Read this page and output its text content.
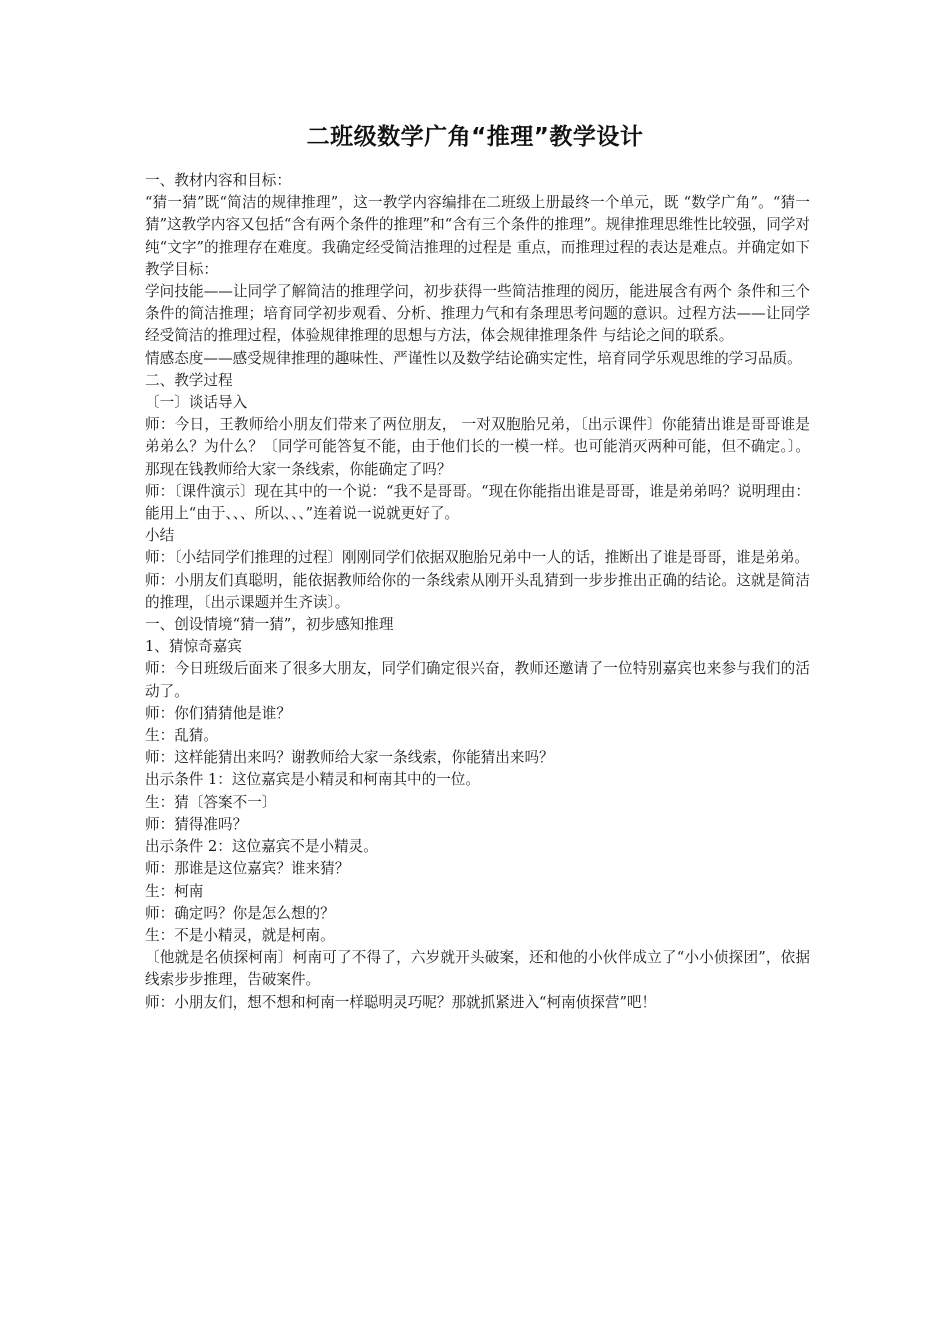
二班级数学广角“推理”教学设计

一、教材内容和目标：

“猜一猜”既“简洁的规律推理”，这一教学内容编排在二班级上册最终一个单元，既 “数学广角”。“猜一猜”这教学内容又包括“含有两个条件的推理”和“含有三个条件的推理”。规律推理思维性比较强，同学对纯“文字”的推理存在难度。我确定经受简洁推理的过程是 重点，而推理过程的表达是难点。并确定如下教学目标：

学问技能——让同学了解简洁的推理学问，初步获得一些简洁推理的阅历，能进展含有两个 条件和三个条件的简洁推理；培育同学初步观看、分析、推理力气和有条理思考问题的意识。过程方法——让同学经受简洁的推理过程，体验规律推理的思想与方法，体会规律推理条件 与结论之间的联系。

情感态度——感受规律推理的趣味性、严谨性以及数学结论确实定性，培育同学乐观思维的学习品质。

二、教学过程

〔一〕谈话导入

师：今日，王教师给小朋友们带来了两位朋友， 一对双胞胎兄弟，〔出示课件〕你能猜出谁是哥哥谁是弟弟么？为什么？〔同学可能答复不能，由于他们长的一模一样。也可能消灭两种可能，但不确定。〕。那现在钱教师给大家一条线索，你能确定了吗？

师：〔课件演示〕现在其中的一个说：“我不是哥哥。“现在你能指出谁是哥哥，谁是弟弟吗？说明理由：能用上“由于、、、所以、、、”连着说一说就更好了。

小结

师：〔小结同学们推理的过程〕刚刚同学们依据双胞胎兄弟中一人的话，推断出了谁是哥哥，谁是弟弟。

师：小朋友们真聪明，能依据教师给你的一条线索从刚开头乱猜到一步步推出正确的结论。这就是简洁的推理，〔出示课题并生齐读〕。

一、创设情境“猜一猜”，初步感知推理

1、猜惊奇嘉宾

师：今日班级后面来了很多大朋友，同学们确定很兴奋，教师还邀请了一位特别嘉宾也来参与我们的活动了。

师：你们猜猜他是谁？

生：乱猜。

师：这样能猜出来吗？谢教师给大家一条线索，你能猜出来吗？

出示条件 1：这位嘉宾是小精灵和柯南其中的一位。

生：猜〔答案不一〕

师：猜得准吗？

出示条件 2：这位嘉宾不是小精灵。

师：那谁是这位嘉宾？谁来猜？

生：柯南

师：确定吗？你是怎么想的？

生：不是小精灵，就是柯南。

〔他就是名侦探柯南〕柯南可了不得了，六岁就开头破案，还和他的小伙伴成立了“小小侦探团”，依据线索步步推理，告破案件。

师：小朋友们，想不想和柯南一样聪明灵巧呢？那就抓紧进入“柯南侦探营”吧！
